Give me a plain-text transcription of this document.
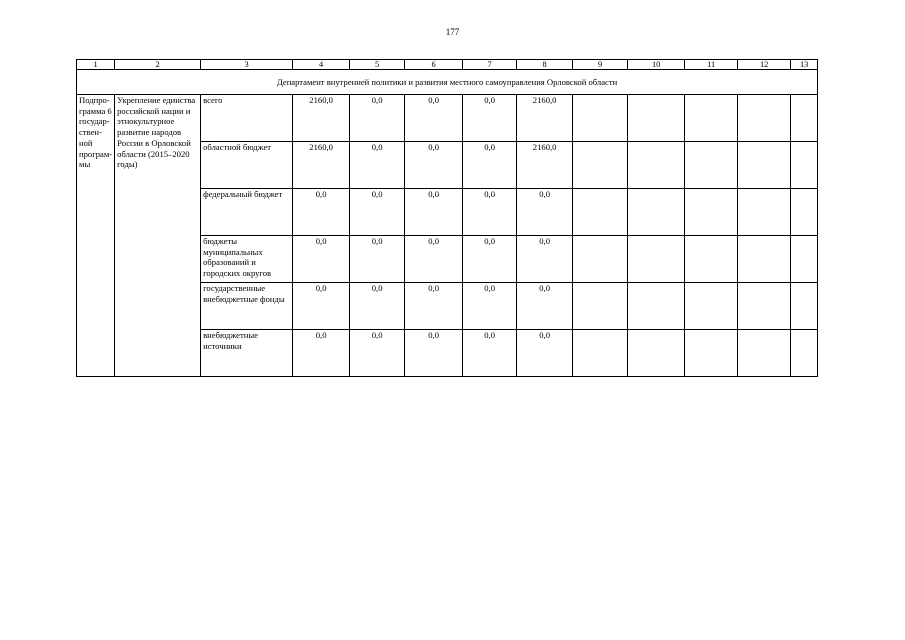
177
1	2	3	4	5	6	7	8	9	10	11	12	13
Департамент внутренней политики и развития местного самоуправления Орловской области												
Подпро-грамма 6 государ-ствен-ной програм-мы	Укрепление единства российской нации и этнокультурное развитие народов России в Орловской области (2015–2020 годы)	всего	2160,0	0,0	0,0	0,0	2160,0					
		областной бюджет	2160,0	0,0	0,0	0,0	2160,0					
		федеральный бюджет	0,0	0,0	0,0	0,0	0,0					
		бюджеты муниципальных образований и городских округов	0,0	0,0	0,0	0,0	0,0					
		государственные внебюджетные фонды	0,0	0,0	0,0	0,0	0,0					
		внебюджетные источники	0,0	0,0	0,0	0,0	0,0					
